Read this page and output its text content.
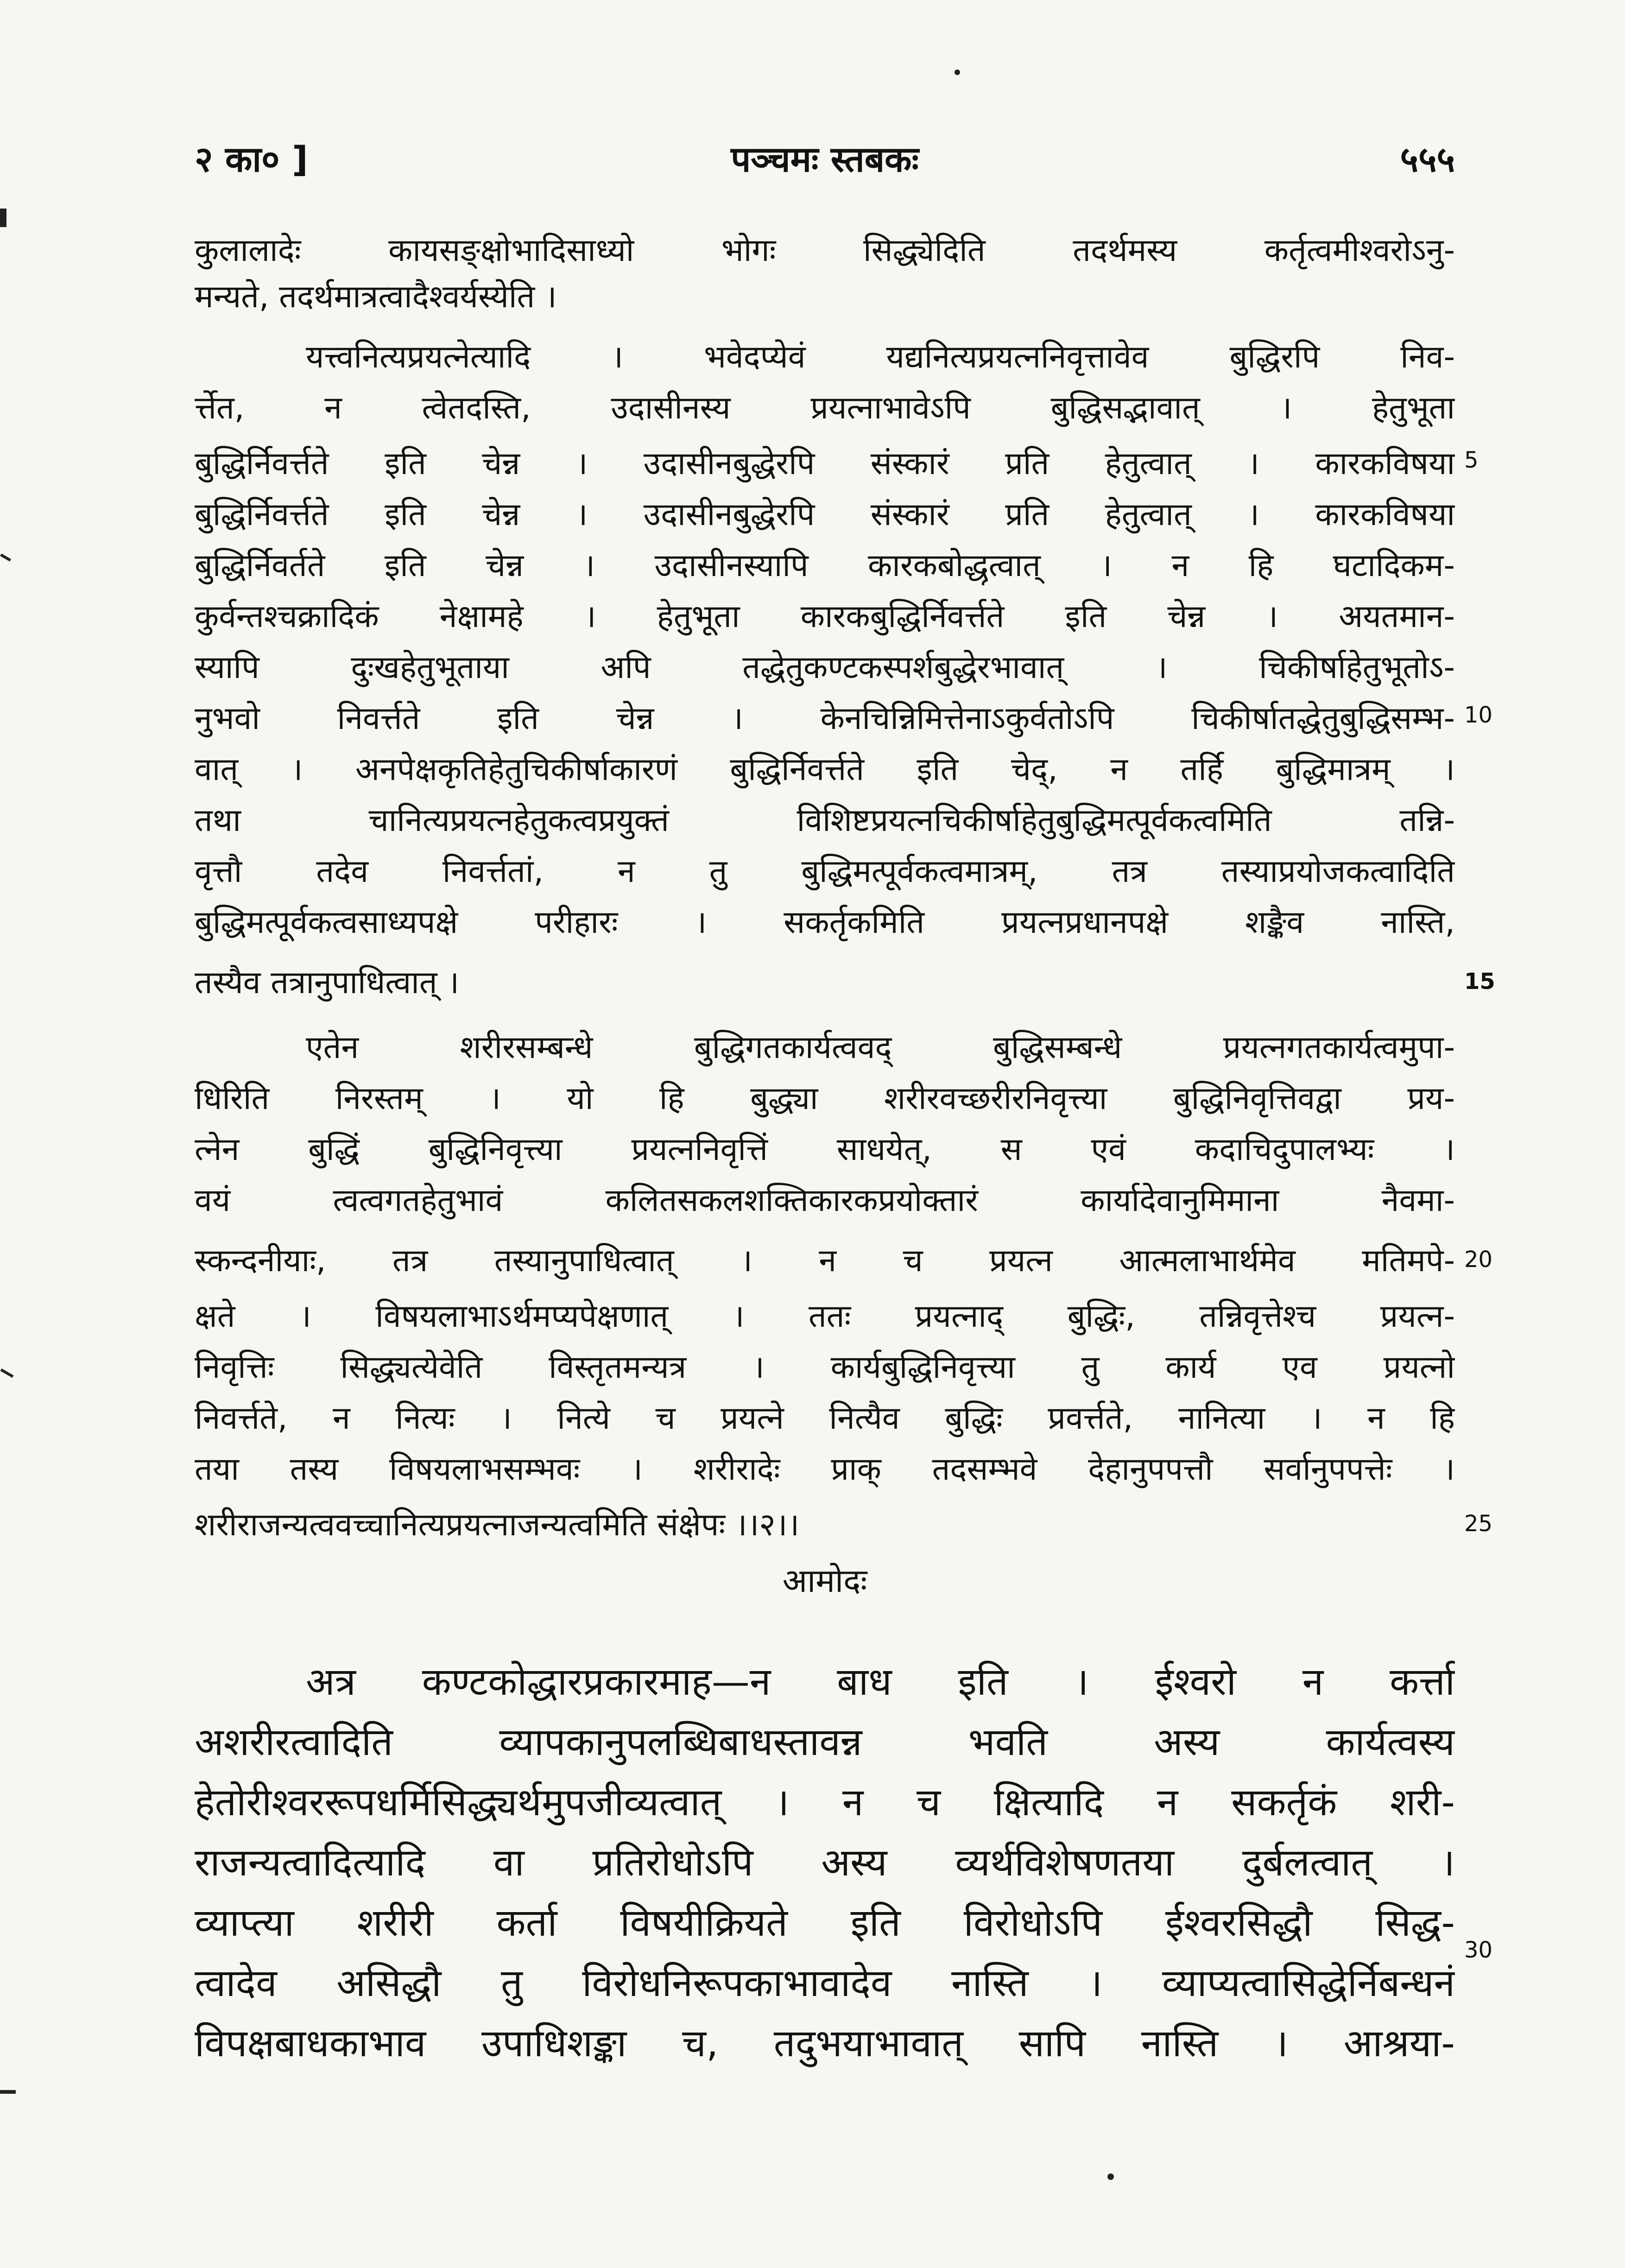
२ का० ]	पञ्चमः स्तबकः	५५५

कुलालादेः कायसङ्क्षोभादिसाध्यो भोगः सिद्ध्येदिति तदर्थमस्य कर्तृत्वमीश्वरोऽनु-

मन्यते, तदर्थमात्रत्वादैश्वर्यस्येति ।

यत्त्वनित्यप्रयत्नेत्यादि । भवेदप्येवं यद्यनित्यप्रयत्ननिवृत्तावेव बुद्धिरपि निव-

र्त्तेत, न त्वेतदस्ति, उदासीनस्य प्रयत्नाभावेऽपि बुद्धिसद्भावात् । हेतुभूता

बुद्धिर्निवर्त्तते इति चेन्न । उदासीनबुद्धेरपि संस्कारं प्रति हेतुत्वात् । कारकविषया

बुद्धिर्निवर्त्तते इति चेन्न । उदासीनबुद्धेरपि संस्कारं प्रति हेतुत्वात् । कारकविषया

बुद्धिर्निवर्तते इति चेन्न । उदासीनस्यापि कारकबोद्धृत्वात् । न हि घटादिकम-

कुर्वन्तश्चक्रादिकं नेक्षामहे । हेतुभूता कारकबुद्धिर्निवर्त्तते इति चेन्न । अयतमान-

स्यापि दुःखहेतुभूताया अपि तद्धेतुकण्टकस्पर्शबुद्धेरभावात् । चिकीर्षाहेतुभूतोऽ-

नुभवो निवर्त्तते इति चेन्न । केनचिन्निमित्तेनाऽकुर्वतोऽपि चिकीर्षातद्धेतुबुद्धिसम्भ-

वात् । अनपेक्षकृतिहेतुचिकीर्षाकारणं बुद्धिर्निवर्त्तते इति चेद्, न तर्हि बुद्धिमात्रम् ।

तथा चानित्यप्रयत्नहेतुकत्वप्रयुक्तं विशिष्टप्रयत्नचिकीर्षाहेतुबुद्धिमत्पूर्वकत्वमिति तन्नि-

वृत्तौ तदेव निवर्त्ततां, न तु बुद्धिमत्पूर्वकत्वमात्रम्, तत्र तस्याप्रयोजकत्वादिति

बुद्धिमत्पूर्वकत्वसाध्यपक्षे परीहारः । सकर्तृकमिति प्रयत्नप्रधानपक्षे शङ्कैव नास्ति,

तस्यैव तत्रानुपाधित्वात् ।

एतेन शरीरसम्बन्धे बुद्धिगतकार्यत्ववद् बुद्धिसम्बन्धे प्रयत्नगतकार्यत्वमुपा-

धिरिति निरस्तम् । यो हि बुद्ध्या शरीरवच्छरीरनिवृत्त्या बुद्धिनिवृत्तिवद्वा प्रय-

त्नेन बुद्धिं बुद्धिनिवृत्त्या प्रयत्ननिवृत्तिं साधयेत्, स एवं कदाचिदुपालभ्यः ।

वयं त्वत्वगतहेतुभावं कलितसकलशक्तिकारकप्रयोक्तारं कार्यादेवानुमिमाना नैवमा-

स्कन्दनीयाः, तत्र तस्यानुपाधित्वात् । न च प्रयत्न आत्मलाभार्थमेव मतिमपे-

क्षते । विषयलाभाऽर्थमप्यपेक्षणात् । ततः प्रयत्नाद् बुद्धिः, तन्निवृत्तेश्च प्रयत्न-

निवृत्तिः सिद्ध्यत्येवेति विस्तृतमन्यत्र । कार्यबुद्धिनिवृत्त्या तु कार्य एव प्रयत्नो

निवर्त्तते, न नित्यः । नित्ये च प्रयत्ने नित्यैव बुद्धिः प्रवर्त्तते, नानित्या । न हि

तया तस्य विषयलाभसम्भवः । शरीरादेः प्राक् तदसम्भवे देहानुपपत्तौ सर्वानुपपत्तेः ।

शरीराजन्यत्ववच्चानित्यप्रयत्नाजन्यत्वमिति संक्षेपः ।।२।।

5
10
15
20
25
30
आमोदः

अत्र कण्टकोद्धारप्रकारमाह—न बाध इति । ईश्वरो न कर्त्ता

अशरीरत्वादिति व्यापकानुपलब्धिबाधस्तावन्न भवति अस्य कार्यत्वस्य

हेतोरीश्वररूपधर्मिसिद्ध्यर्थमुपजीव्यत्वात् । न च क्षित्यादि न सकर्तृकं शरी-

राजन्यत्वादित्यादि वा प्रतिरोधोऽपि अस्य व्यर्थविशेषणतया दुर्बलत्वात् ।

व्याप्त्या शरीरी कर्ता विषयीक्रियते इति विरोधोऽपि ईश्वरसिद्धौ सिद्ध-

त्वादेव असिद्धौ तु विरोधनिरूपकाभावादेव नास्ति । व्याप्यत्वासिद्धेर्निबन्धनं

विपक्षबाधकाभाव उपाधिशङ्का च, तदुभयाभावात् सापि नास्ति । आश्रया-
